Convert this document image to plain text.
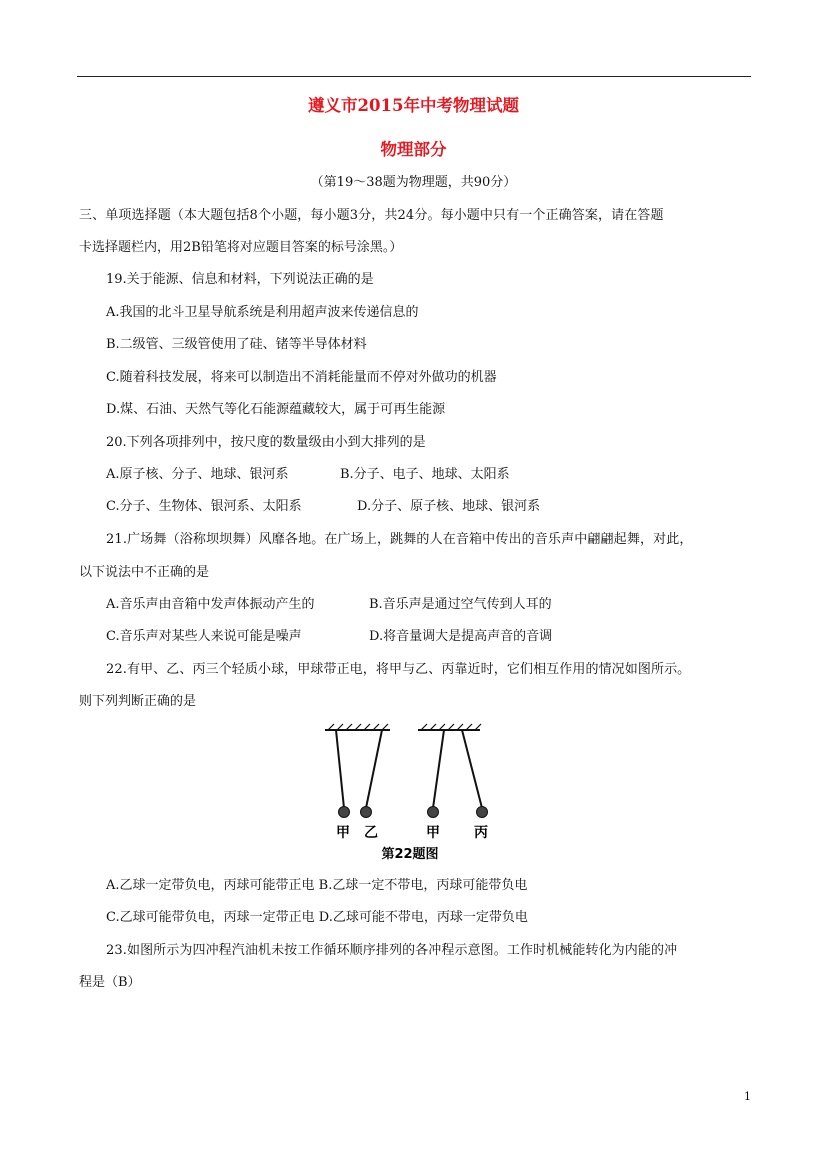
遵义市2015年中考物理试题
物理部分
（第19～38题为物理题，共90分）
三、单项选择题（本大题包括8个小题，每小题3分，共24分。每小题中只有一个正确答案，请在答题
卡选择题栏内，用2B铅笔将对应题目答案的标号涂黑。）
19.关于能源、信息和材料，下列说法正确的是
A.我国的北斗卫星导航系统是利用超声波来传递信息的
B.二级管、三级管使用了硅、锗等半导体材料
C.随着科技发展，将来可以制造出不消耗能量而不停对外做功的机器
D.煤、石油、天然气等化石能源蕴藏较大，属于可再生能源
20.下列各项排列中，按尺度的数量级由小到大排列的是
A.原子核、分子、地球、银河系	B.分子、电子、地球、太阳系
C.分子、生物体、银河系、太阳系	D.分子、原子核、地球、银河系
21.广场舞（浴称坝坝舞）风靡各地。在广场上，跳舞的人在音箱中传出的音乐声中翩翩起舞，对此，
以下说法中不正确的是
A.音乐声由音箱中发声体振动产生的	B.音乐声是通过空气传到人耳的
C.音乐声对某些人来说可能是噪声	D.将音量调大是提高声音的音调
22.有甲、乙、丙三个轻质小球，甲球带正电，将甲与乙、丙靠近时，它们相互作用的情况如图所示。
则下列判断正确的是
甲 乙	甲 丙
第22题图
A.乙球一定带负电，丙球可能带正电 B.乙球一定不带电，丙球可能带负电
C.乙球可能带负电，丙球一定带正电 D.乙球可能不带电，丙球一定带负电
23.如图所示为四冲程汽油机未按工作循环顺序排列的各冲程示意图。工作时机械能转化为内能的冲
程是（B）
1
